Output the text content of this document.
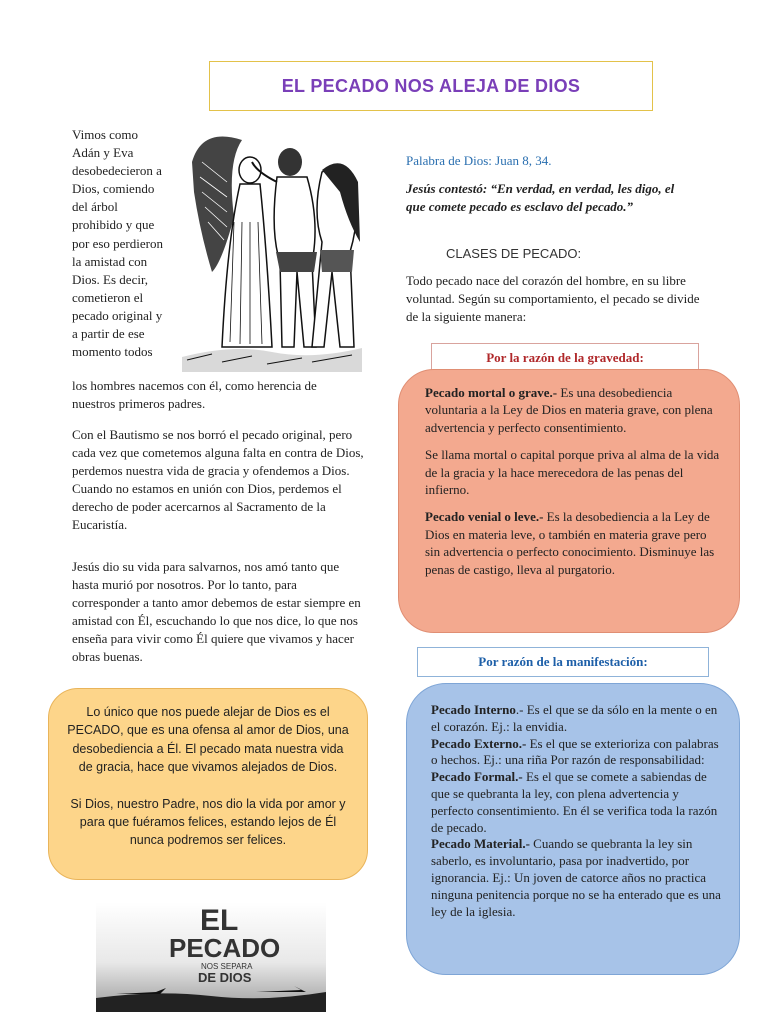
EL PECADO NOS ALEJA DE DIOS

Vimos como Adán y Eva desobedecieron a Dios, comiendo del árbol prohibido y que por eso perdieron la amistad con Dios. Es decir, cometieron el pecado original y a partir de ese momento todos

los hombres nacemos con él, como herencia de nuestros primeros padres.

Con el Bautismo se nos borró el pecado original, pero cada vez que cometemos alguna falta en contra de Dios, perdemos nuestra vida de gracia y ofendemos a Dios. Cuando no estamos en unión con Dios, perdemos el derecho de poder acercarnos al Sacramento de la Eucaristía.

Jesús dio su vida para salvarnos, nos amó tanto que hasta murió por nosotros. Por lo tanto, para corresponder a tanto amor debemos de estar siempre en amistad con Él, escuchando lo que nos dice, lo que nos enseña para vivir como Él quiere que vivamos y hacer obras buenas.

Lo único que nos puede alejar de Dios es el PECADO, que es una ofensa al amor de Dios, una desobediencia a Él. El pecado mata nuestra vida de gracia, hace que vivamos alejados de Dios.

Si Dios, nuestro Padre, nos dio la vida por amor y para que fuéramos felices, estando lejos de Él nunca podremos ser felices.

EL
PECADO
NOS SEPARA
DE DIOS

Palabra de Dios: Juan 8, 34.

Jesús contestó: “En verdad, en verdad, les digo, el que comete pecado es esclavo del pecado.”

CLASES DE PECADO:

Todo pecado nace del corazón del hombre, en su libre voluntad. Según su comportamiento, el pecado se divide de la siguiente manera:

Por la razón de la gravedad:

Pecado mortal o grave.- Es una desobediencia voluntaria a la Ley de Dios en materia grave, con plena advertencia y perfecto consentimiento.

Se llama mortal o capital porque priva al alma de la vida de la gracia y la hace merecedora de las penas del infierno.

Pecado venial o leve.- Es la desobediencia a la Ley de Dios en materia leve, o también en materia grave pero sin advertencia o perfecto conocimiento. Disminuye las penas de castigo, lleva al purgatorio.

Por razón de la manifestación:

Pecado Interno.- Es el que se da sólo en la mente o en el corazón. Ej.: la envidia.

Pecado Externo.- Es el que se exterioriza con palabras o hechos. Ej.: una riña Por razón de responsabilidad:

Pecado Formal.- Es el que se comete a sabiendas de que se quebranta la ley, con plena advertencia y perfecto consentimiento. En él se verifica toda la razón de pecado.

Pecado Material.- Cuando se quebranta la ley sin saberlo, es involuntario, pasa por inadvertido, por ignorancia. Ej.: Un joven de catorce años no practica ninguna penitencia porque no se ha enterado que es una ley de la iglesia.
